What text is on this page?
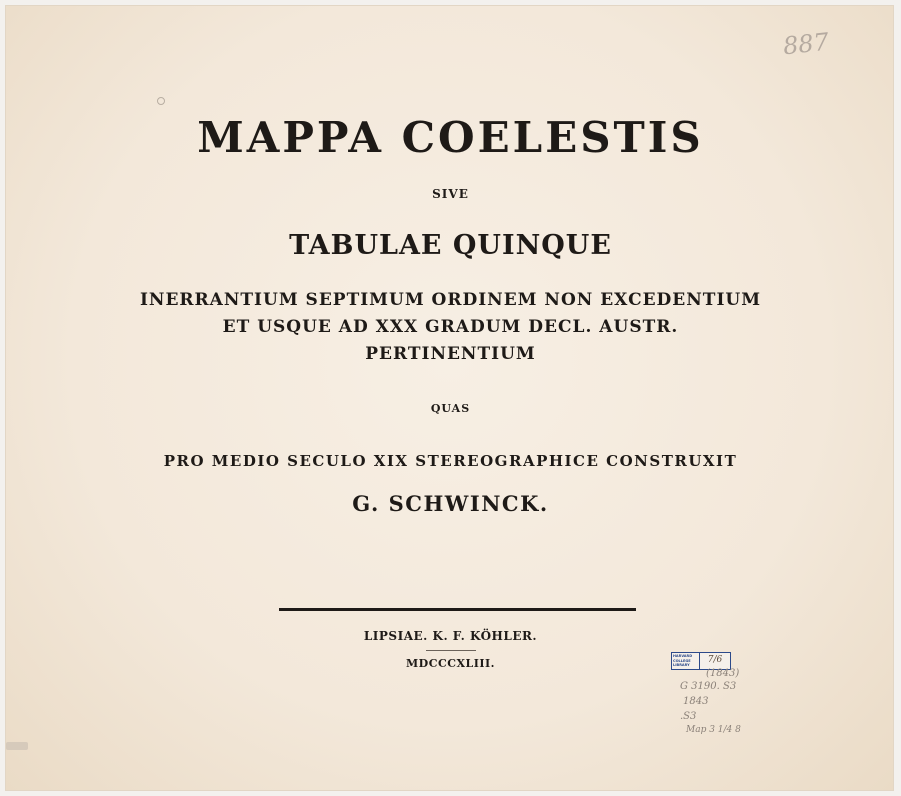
887
MAPPA COELESTIS
SIVE
TABULAE QUINQUE
INERRANTIUM SEPTIMUM ORDINEM NON EXCEDENTIUM
ET USQUE AD XXX GRADUM DECL. AUSTR.
PERTINENTIUM
QUAS
PRO MEDIO SECULO XIX STEREOGRAPHICE CONSTRUXIT
G. SCHWINCK.
LIPSIAE. K. F. KÖHLER.
MDCCCXLIII.
HARVARD COLLEGE LIBRARY	7/6
(1843)
G 3190. S3
1843
.S3
Map 3 1/4 8
